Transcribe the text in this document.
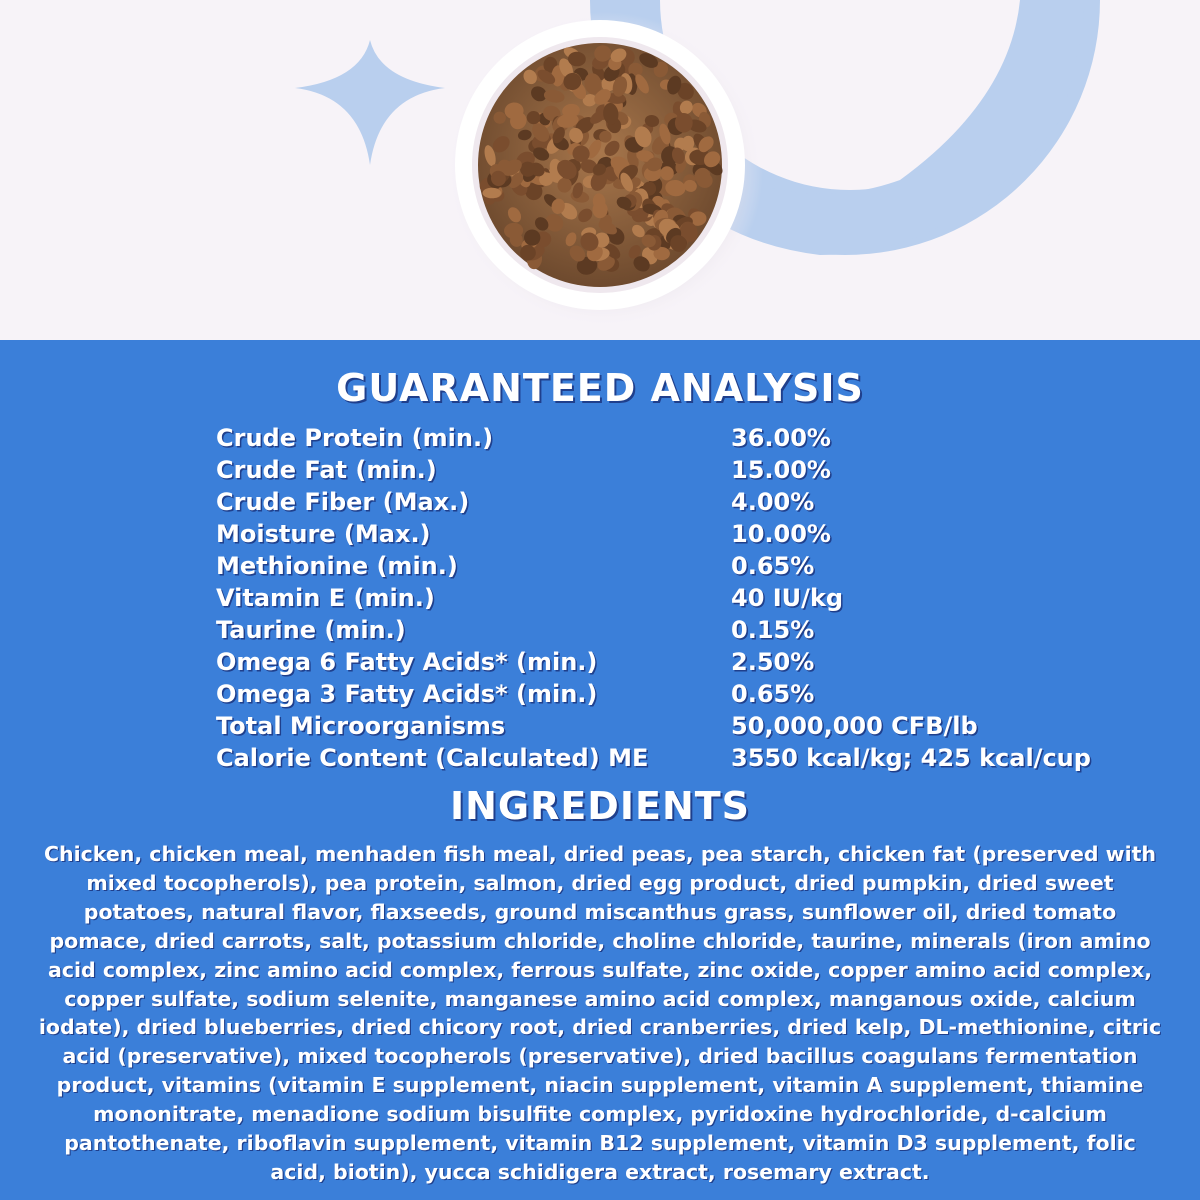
GUARANTEED ANALYSIS
Crude Protein (min.)	36.00%
Crude Fat (min.)	15.00%
Crude Fiber (Max.)	4.00%
Moisture (Max.)	10.00%
Methionine (min.)	0.65%
Vitamin E (min.)	40 IU/kg
Taurine (min.)	0.15%
Omega 6 Fatty Acids* (min.)	2.50%
Omega 3 Fatty Acids* (min.)	0.65%
Total Microorganisms	50,000,000 CFB/lb
Calorie Content (Calculated) ME	3550 kcal/kg; 425 kcal/cup
INGREDIENTS

Chicken, chicken meal, menhaden fish meal, dried peas, pea starch, chicken fat (preserved with mixed tocopherols), pea protein, salmon, dried egg product, dried pumpkin, dried sweet potatoes, natural flavor, flaxseeds, ground miscanthus grass, sunflower oil, dried tomato pomace, dried carrots, salt, potassium chloride, choline chloride, taurine, minerals (iron amino acid complex, zinc amino acid complex, ferrous sulfate, zinc oxide, copper amino acid complex, copper sulfate, sodium selenite, manganese amino acid complex, manganous oxide, calcium iodate), dried blueberries, dried chicory root, dried cranberries, dried kelp, DL-methionine, citric acid (preservative), mixed tocopherols (preservative), dried bacillus coagulans fermentation product, vitamins (vitamin E supplement, niacin supplement, vitamin A supplement, thiamine mononitrate, menadione sodium bisulfite complex, pyridoxine hydrochloride, d-calcium pantothenate, riboflavin supplement, vitamin B12 supplement, vitamin D3 supplement, folic acid, biotin), yucca schidigera extract, rosemary extract.
